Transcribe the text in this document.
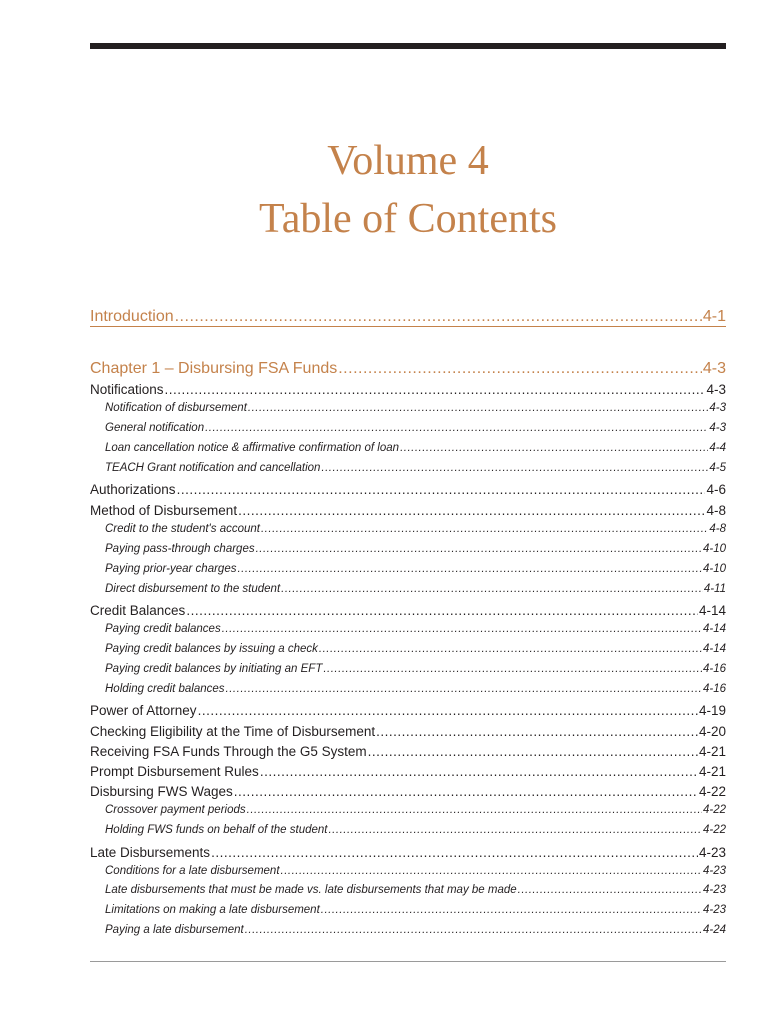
Volume 4
Table of Contents
Introduction .....	4-1
Chapter 1 – Disbursing FSA Funds .....	4-3
Notifications .....	4-3
Notification of disbursement .....	4-3
General notification .....	4-3
Loan cancellation notice & affirmative confirmation of loan .....	4-4
TEACH Grant notification and cancellation .....	4-5
Authorizations .....	4-6
Method of Disbursement .....	4-8
Credit to the student's account .....	4-8
Paying pass-through charges .....	4-10
Paying prior-year charges .....	4-10
Direct disbursement to the student .....	4-11
Credit Balances .....	4-14
Paying credit balances .....	4-14
Paying credit balances by issuing a check .....	4-14
Paying credit balances by initiating an EFT .....	4-16
Holding credit balances .....	4-16
Power of Attorney .....	4-19
Checking Eligibility at the Time of Disbursement .....	4-20
Receiving FSA Funds Through the G5 System .....	4-21
Prompt Disbursement Rules .....	4-21
Disbursing FWS Wages .....	4-22
Crossover payment periods .....	4-22
Holding FWS funds on behalf of the student .....	4-22
Late Disbursements .....	4-23
Conditions for a late disbursement .....	4-23
Late disbursements that must be made vs. late disbursements that may be made .....	4-23
Limitations on making a late disbursement .....	4-23
Paying a late disbursement .....	4-24
